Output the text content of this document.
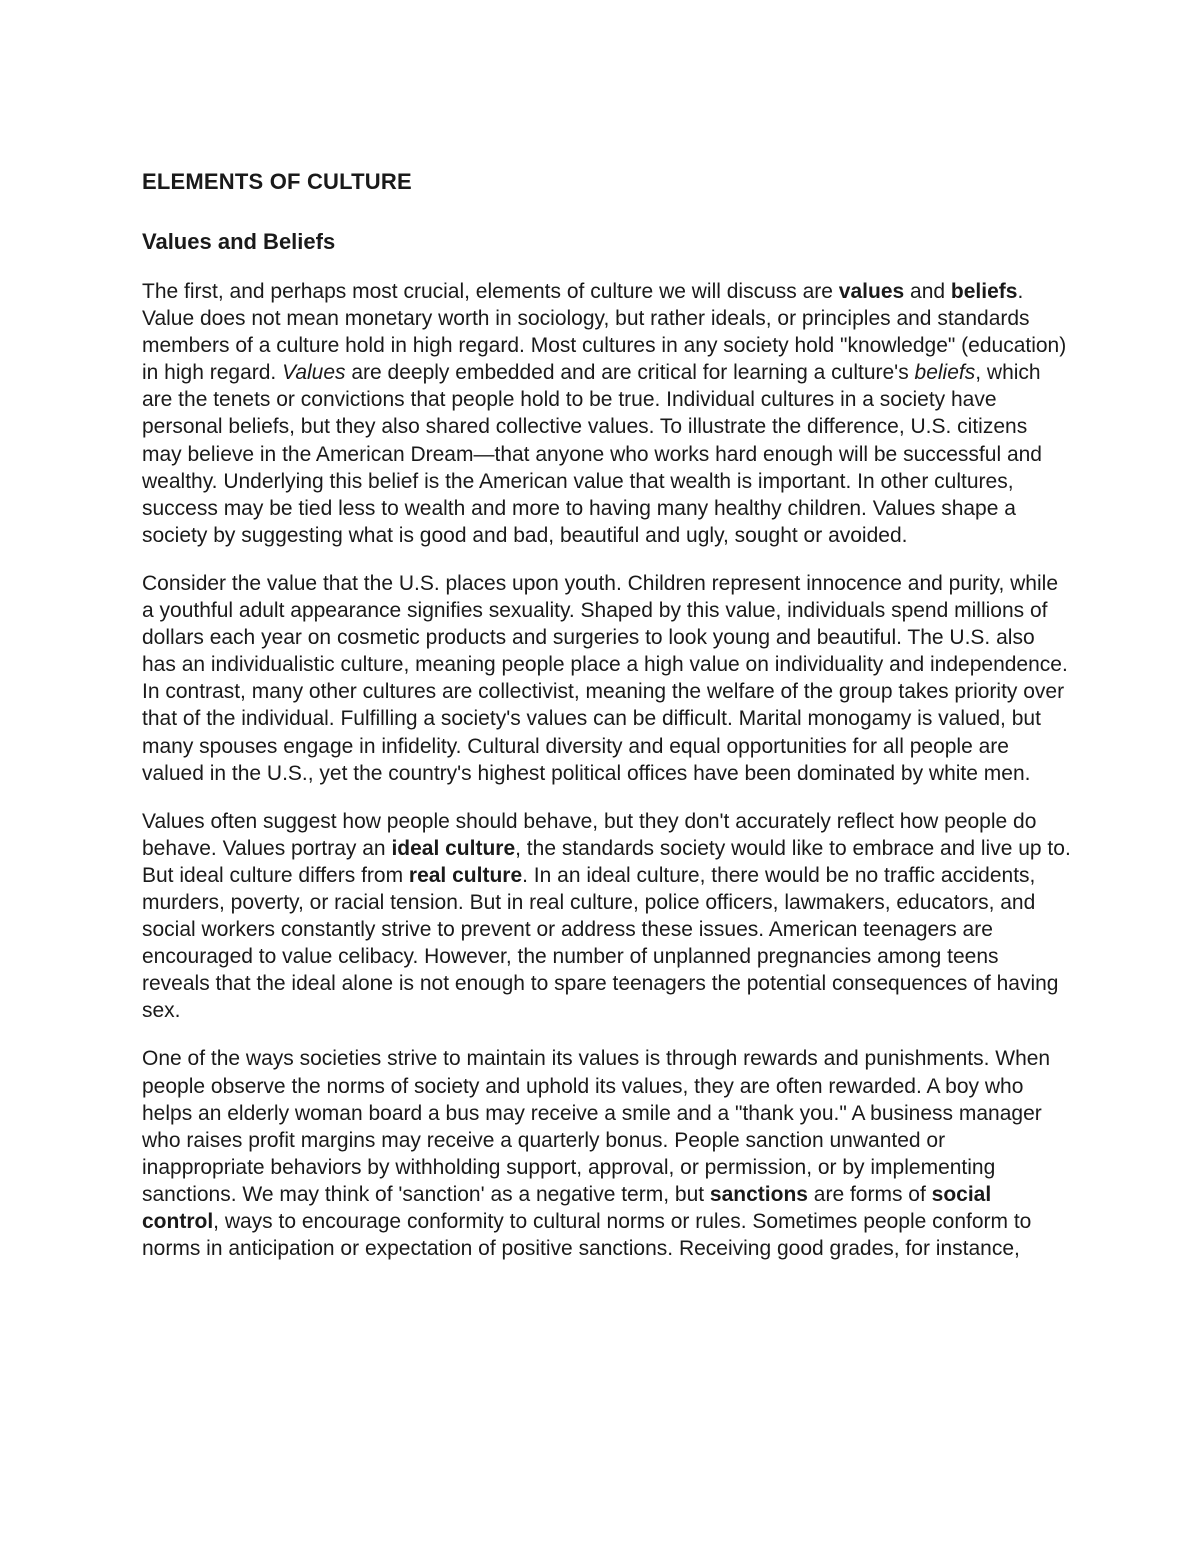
ELEMENTS OF CULTURE
Values and Beliefs

The first, and perhaps most crucial, elements of culture we will discuss are values and beliefs. Value does not mean monetary worth in sociology, but rather ideals, or principles and standards members of a culture hold in high regard. Most cultures in any society hold "knowledge" (education) in high regard. Values are deeply embedded and are critical for learning a culture's beliefs, which are the tenets or convictions that people hold to be true. Individual cultures in a society have personal beliefs, but they also shared collective values. To illustrate the difference, U.S. citizens may believe in the American Dream—that anyone who works hard enough will be successful and wealthy. Underlying this belief is the American value that wealth is important. In other cultures, success may be tied less to wealth and more to having many healthy children. Values shape a society by suggesting what is good and bad, beautiful and ugly, sought or avoided.

Consider the value that the U.S. places upon youth. Children represent innocence and purity, while a youthful adult appearance signifies sexuality. Shaped by this value, individuals spend millions of dollars each year on cosmetic products and surgeries to look young and beautiful. The U.S. also has an individualistic culture, meaning people place a high value on individuality and independence. In contrast, many other cultures are collectivist, meaning the welfare of the group takes priority over that of the individual. Fulfilling a society's values can be difficult. Marital monogamy is valued, but many spouses engage in infidelity. Cultural diversity and equal opportunities for all people are valued in the U.S., yet the country's highest political offices have been dominated by white men.

Values often suggest how people should behave, but they don't accurately reflect how people do behave. Values portray an ideal culture, the standards society would like to embrace and live up to. But ideal culture differs from real culture. In an ideal culture, there would be no traffic accidents, murders, poverty, or racial tension. But in real culture, police officers, lawmakers, educators, and social workers constantly strive to prevent or address these issues. American teenagers are encouraged to value celibacy. However, the number of unplanned pregnancies among teens reveals that the ideal alone is not enough to spare teenagers the potential consequences of having sex.

One of the ways societies strive to maintain its values is through rewards and punishments. When people observe the norms of society and uphold its values, they are often rewarded. A boy who helps an elderly woman board a bus may receive a smile and a "thank you." A business manager who raises profit margins may receive a quarterly bonus. People sanction unwanted or inappropriate behaviors by withholding support, approval, or permission, or by implementing sanctions. We may think of 'sanction' as a negative term, but sanctions are forms of social control, ways to encourage conformity to cultural norms or rules. Sometimes people conform to norms in anticipation or expectation of positive sanctions. Receiving good grades, for instance,
